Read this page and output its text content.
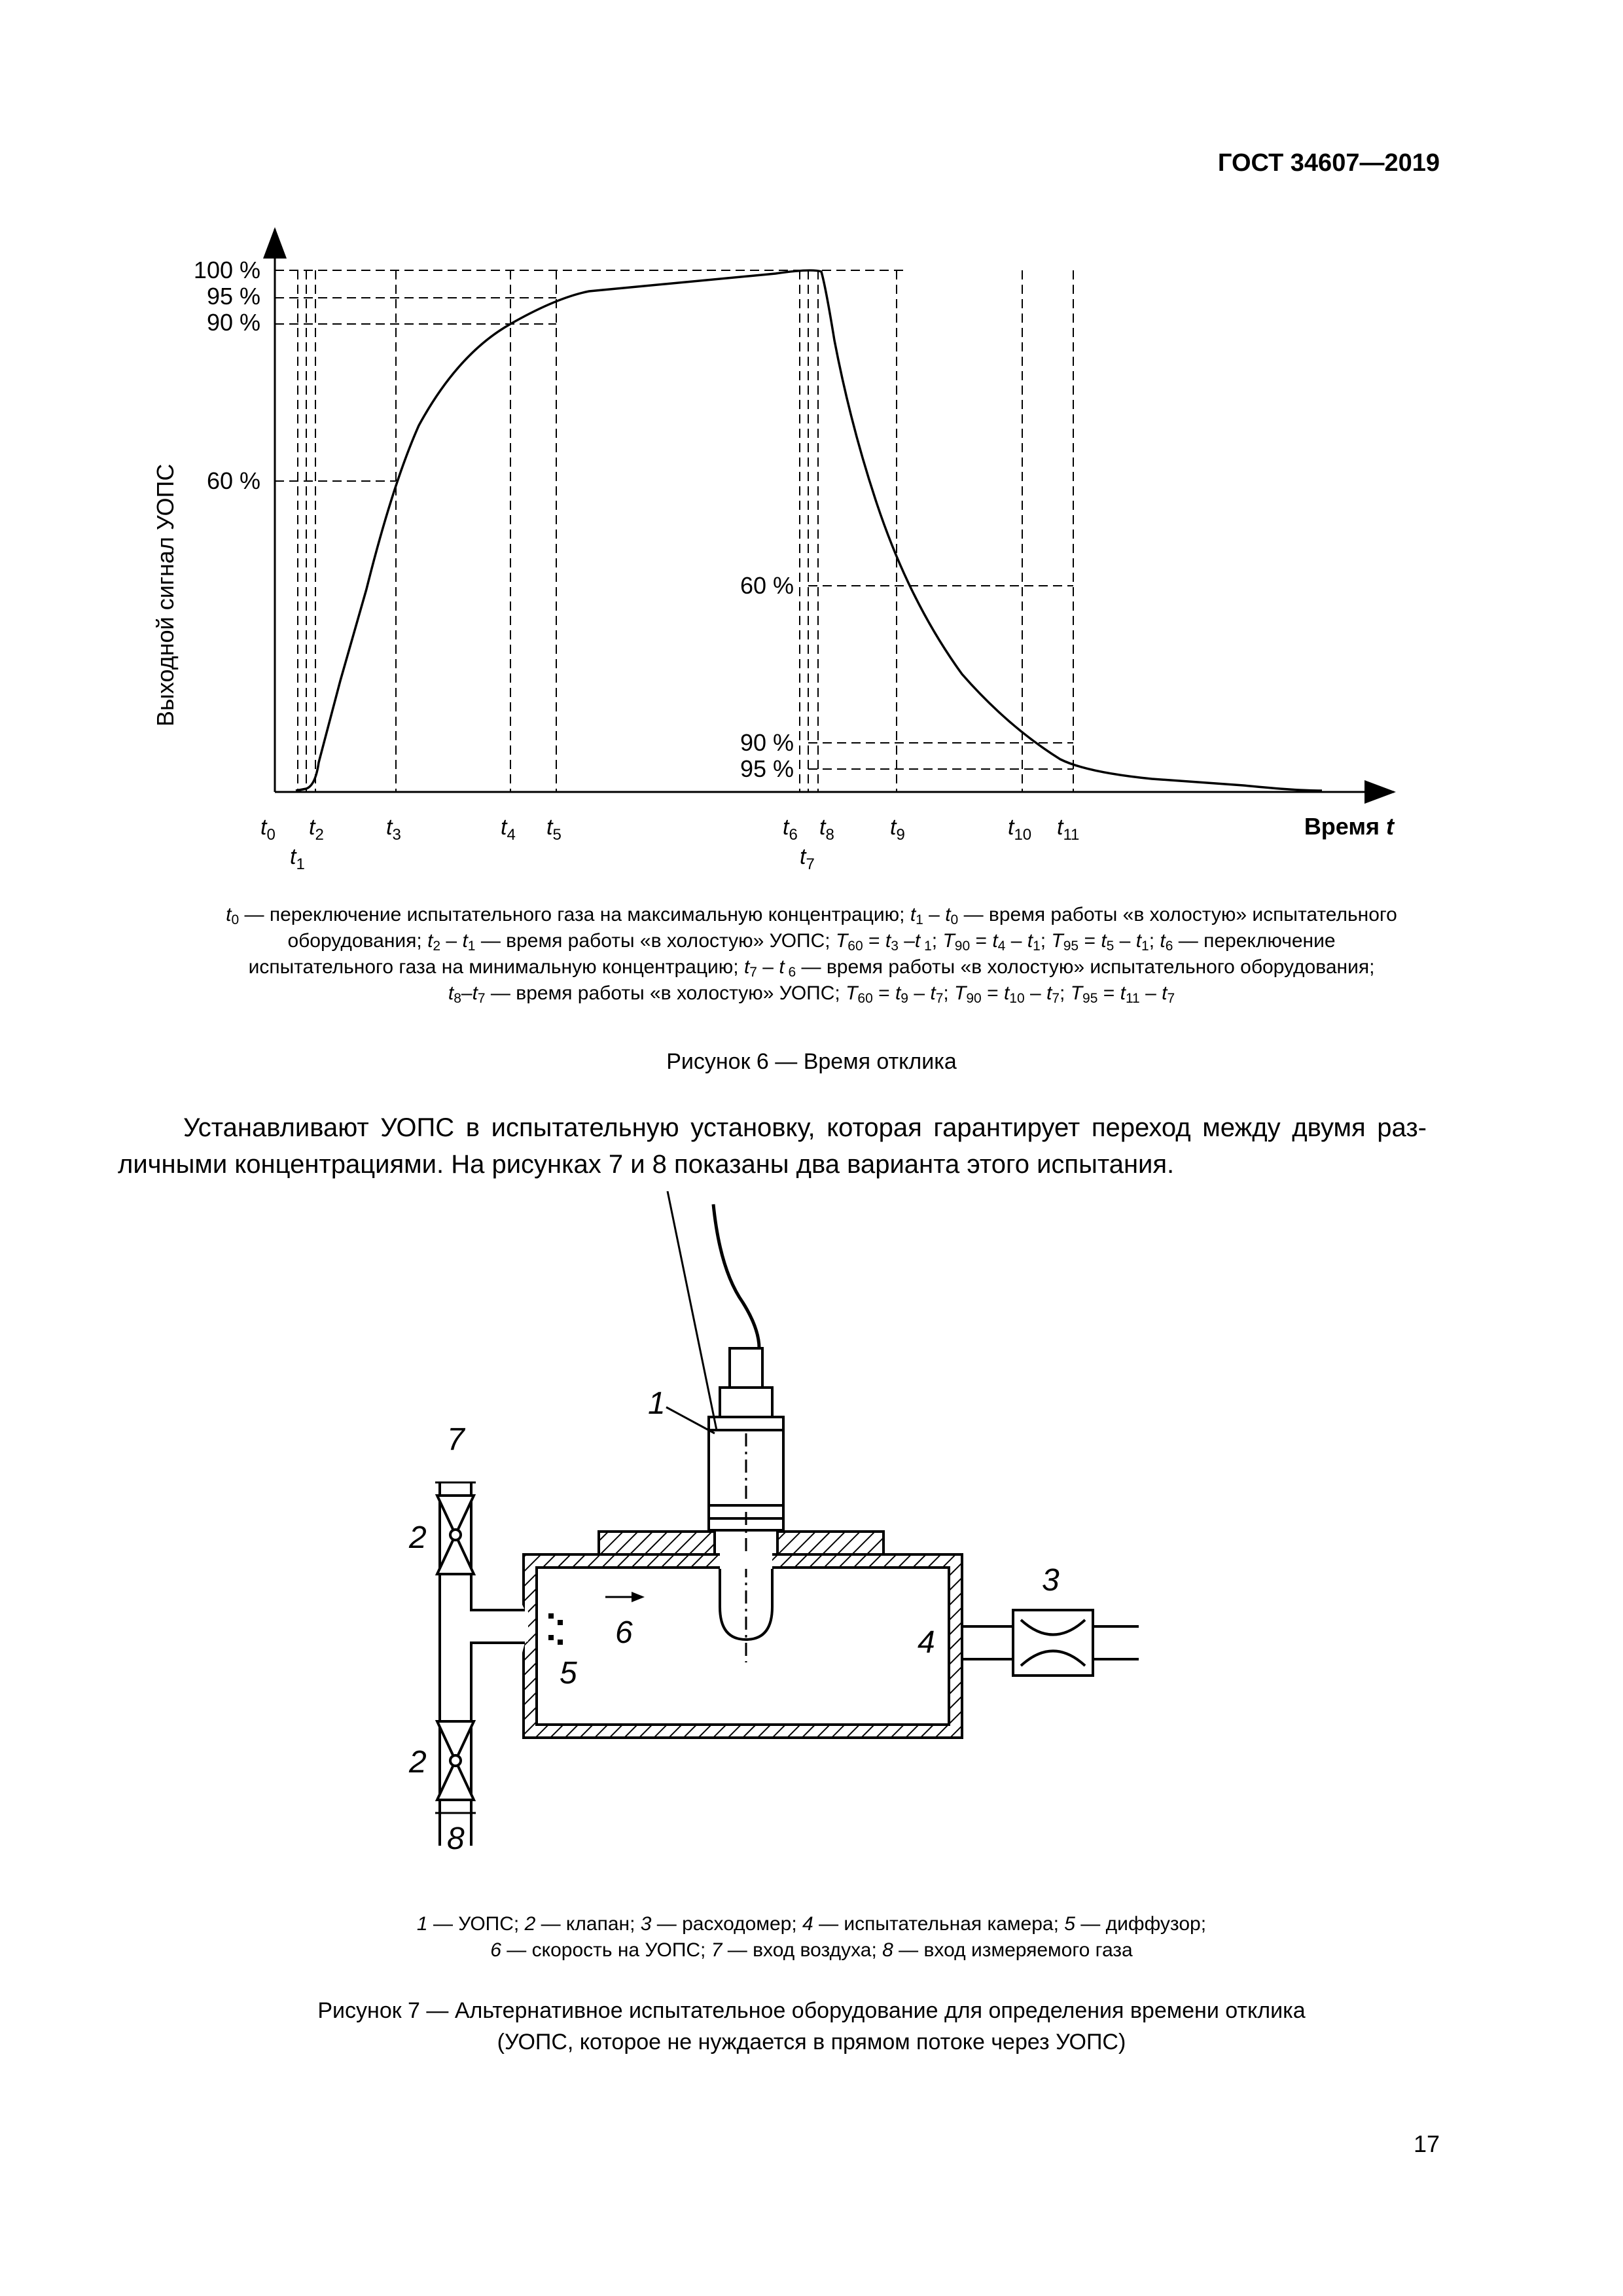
ГОСТ 34607—2019
Выходной сигнал УОПС
100 %
95 %
90 %
60 %
60 %
90 %
95 %
$t_0$
$t_1$
$t_2$	$t_3$	$t_4$ $t_5$	$t_6$
$t_7$
$t_8$	$t_9$	$t_{10}$ $t_{11}$	Время t
$t_0$ — переключение испытательного газа на максимальную концентрацию; $t_1 - t_0$ — время работы «в холостую» испытательного
оборудования; $t_2 - t_1$ — время работы «в холостую» УОПС; $T_{60} = t_3$ –t $_1$; $T_{90} = t_4 - t_1$; $T_{95} = t_5 - t_1$; $t_6$ — переключение
испытательного газа на минимальную концентрацию; $t_7$ – t $_6$ — время работы «в холостую» испытательного оборудования;
$t_8-t_7$ — время работы «в холостую» УОПС; $T_{60} = t_9 - t_7$; $T_{90} = t_{10} - t_7$; $T_{95} = t_{11} - t_7$
Рисунок 6 — Время отклика
Устанавливают УОПС в испытательную установку, которая гарантирует переход между двумя раз-
личными концентрациями. На рисунках 7 и 8 показаны два варианта этого испытания.
1
7
2
3
6	4
5
2
8
1 — УОПС; 2 — клапан; 3 — расходомер; 4 — испытательная камера; 5 — диффузор;
6 — скорость на УОПС; 7 — вход воздуха; 8 — вход измеряемого газа
Рисунок 7 — Альтернативное испытательное оборудование для определения времени отклика
(УОПС, которое не нуждается в прямом потоке через УОПС)
17
